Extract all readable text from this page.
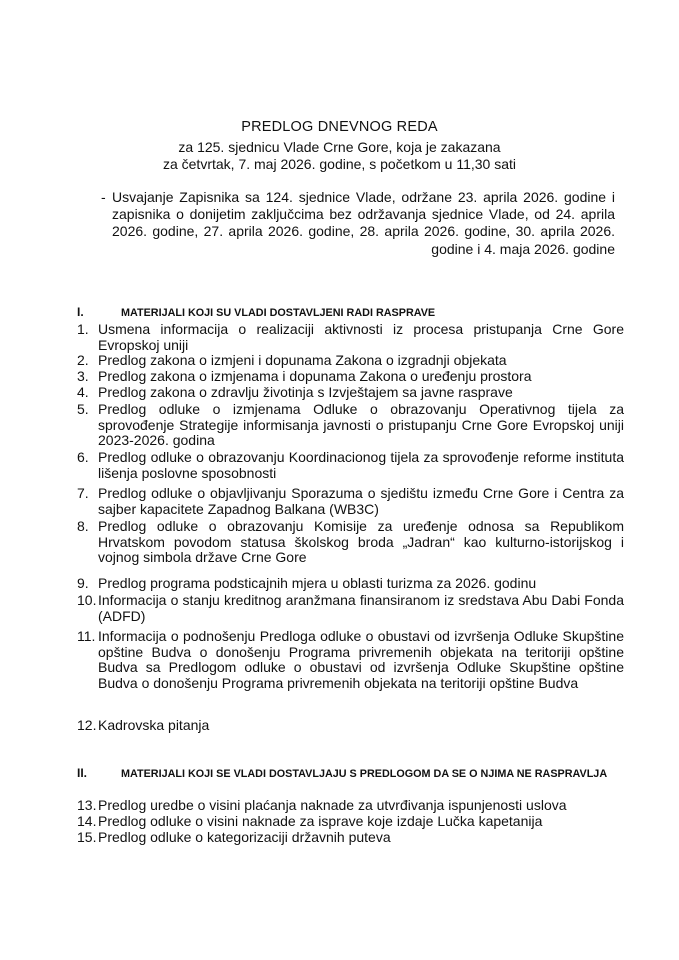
PREDLOG DNEVNOG REDA
za 125. sjednicu Vlade Crne Gore, koja je zakazana
za četvrtak, 7. maj 2026. godine, s početkom u 11,30 sati
- Usvajanje Zapisnika sa 124. sjednice Vlade, održane 23. aprila 2026. godine i zapisnika o donijetim zaključcima bez održavanja sjednice Vlade, od 24. aprila 2026. godine, 27. aprila 2026. godine, 28. aprila 2026. godine, 30. aprila 2026. godine i 4. maja 2026. godine
I.	MATERIJALI KOJI SU VLADI DOSTAVLJENI RADI RASPRAVE
1. Usmena informacija o realizaciji aktivnosti iz procesa pristupanja Crne Gore Evropskoj uniji
2. Predlog zakona o izmjeni i dopunama Zakona o izgradnji objekata
3. Predlog zakona o izmjenama i dopunama Zakona o uređenju prostora
4. Predlog zakona o zdravlju životinja s Izvještajem sa javne rasprave
5. Predlog odluke o izmjenama Odluke o obrazovanju Operativnog tijela za sprovođenje Strategije informisanja javnosti o pristupanju Crne Gore Evropskoj uniji 2023-2026. godina
6. Predlog odluke o obrazovanju Koordinacionog tijela za sprovođenje reforme instituta lišenja poslovne sposobnosti
7. Predlog odluke o objavljivanju Sporazuma o sjedištu između Crne Gore i Centra za sajber kapacitete Zapadnog Balkana (WB3C)
8. Predlog odluke o obrazovanju Komisije za uređenje odnosa sa Republikom Hrvatskom povodom statusa školskog broda „Jadran“ kao kulturno-istorijskog i vojnog simbola države Crne Gore
9. Predlog programa podsticajnih mjera u oblasti turizma za 2026. godinu
10. Informacija o stanju kreditnog aranžmana finansiranom iz sredstava Abu Dabi Fonda (ADFD)
11. Informacija o podnošenju Predloga odluke o obustavi od izvršenja Odluke Skupštine opštine Budva o donošenju Programa privremenih objekata na teritoriji opštine Budva sa Predlogom odluke o obustavi od izvršenja Odluke Skupštine opštine Budva o donošenju Programa privremenih objekata na teritoriji opštine Budva
12. Kadrovska pitanja
II.	MATERIJALI KOJI SE VLADI DOSTAVLJAJU S PREDLOGOM DA SE O NJIMA NE RASPRAVLJA
13. Predlog uredbe o visini plaćanja naknade za utvrđivanja ispunjenosti uslova
14. Predlog odluke o visini naknade za isprave koje izdaje Lučka kapetanija
15. Predlog odluke o kategorizaciji državnih puteva
